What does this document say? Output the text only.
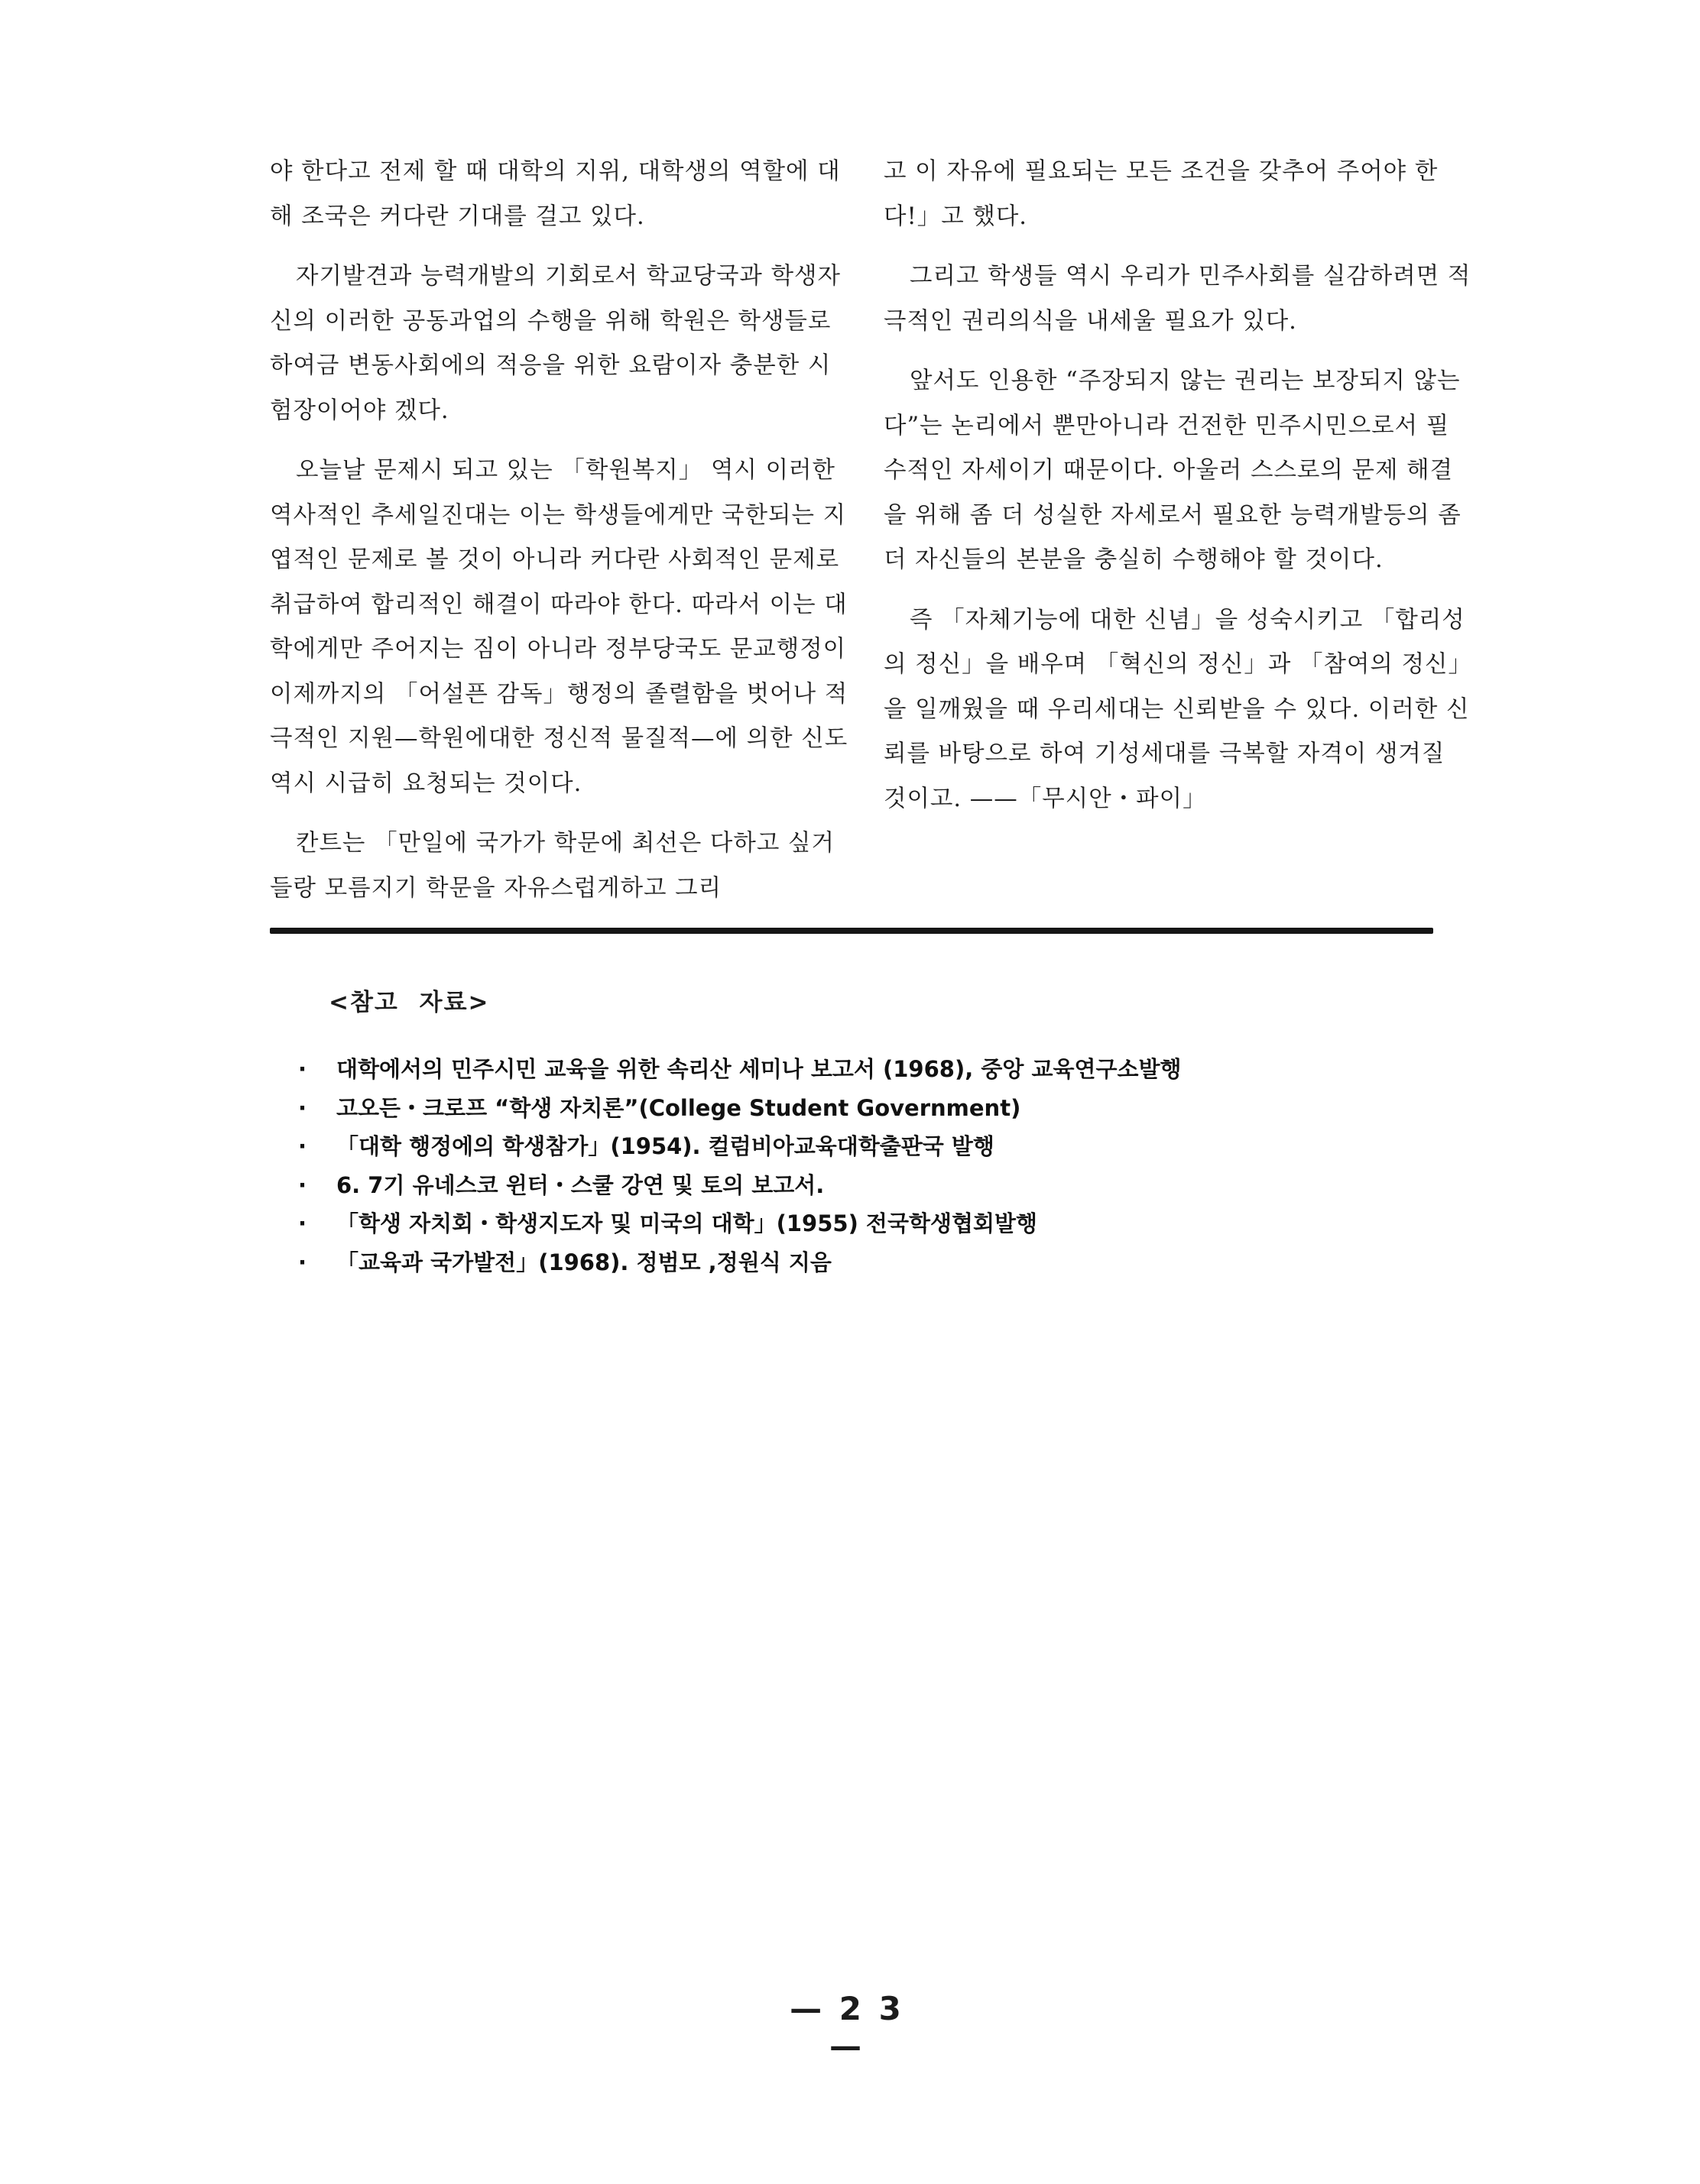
야 한다고 전제 할 때 대학의 지위, 대학생의 역할에 대해 조국은 커다란 기대를 걸고 있다.

자기발견과 능력개발의 기회로서 학교당국과 학생자신의 이러한 공동과업의 수행을 위해 학원은 학생들로 하여금 변동사회에의 적응을 위한 요람이자 충분한 시험장이어야 겠다.

오늘날 문제시 되고 있는 「학원복지」 역시 이러한 역사적인 추세일진대는 이는 학생들에게만 국한되는 지엽적인 문제로 볼 것이 아니라 커다란 사회적인 문제로 취급하여 합리적인 해결이 따라야 한다. 따라서 이는 대학에게만 주어지는 짐이 아니라 정부당국도 문교행정이 이제까지의 「어설픈 감독」행정의 졸렬함을 벗어나 적극적인 지원—학원에대한 정신적 물질적—에 의한 신도 역시 시급히 요청되는 것이다.

칸트는 「만일에 국가가 학문에 최선은 다하고 싶거들랑 모름지기 학문을 자유스럽게하고 그리

고 이 자유에 필요되는 모든 조건을 갖추어 주어야 한다!」고 했다.

그리고 학생들 역시 우리가 민주사회를 실감하려면 적극적인 권리의식을 내세울 필요가 있다.

앞서도 인용한 “주장되지 않는 권리는 보장되지 않는다”는 논리에서 뿐만아니라 건전한 민주시민으로서 필수적인 자세이기 때문이다. 아울러 스스로의 문제 해결을 위해 좀 더 성실한 자세로서 필요한 능력개발등의 좀 더 자신들의 본분을 충실히 수행해야 할 것이다.

즉 「자체기능에 대한 신념」을 성숙시키고 「합리성의 정신」을 배우며 「혁신의 정신」과 「참여의 정신」을 일깨웠을 때 우리세대는 신뢰받을 수 있다. 이러한 신뢰를 바탕으로 하여 기성세대를 극복할 자격이 생겨질 것이고. ——「무시안・파이」

<참고 자료>
·	대학에서의 민주시민 교육을 위한 속리산 세미나 보고서 (1968), 중앙 교육연구소발행
·	고오든・크로프 “학생 자치론”(College Student Government)
·	「대학 행정에의 학생참가」(1954). 컬럼비아교육대학출판국 발행
·	6. 7기 유네스코 윈터・스쿨 강연 및 토의 보고서.
·	「학생 자치회・학생지도자 및 미국의 대학」(1955) 전국학생협회발행
·	「교육과 국가발전」(1968). 정범모 ,정원식 지음
— 2 3 —
